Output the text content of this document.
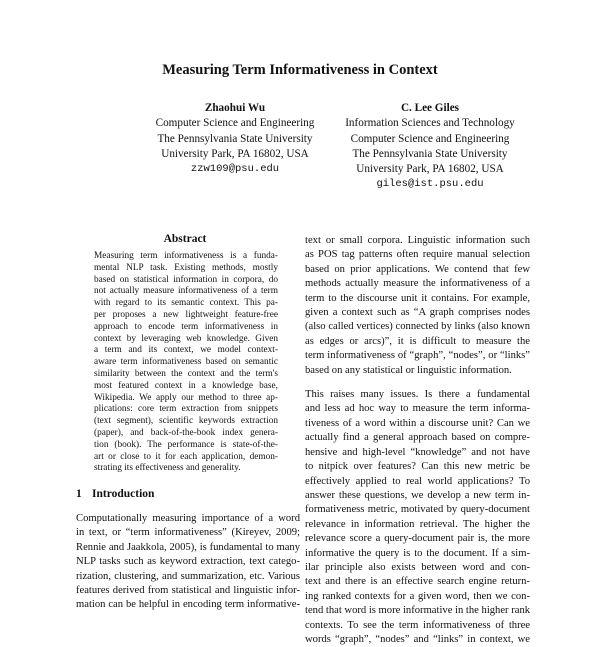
Measuring Term Informativeness in Context
Zhaohui Wu
Computer Science and Engineering
The Pennsylvania State University
University Park, PA 16802, USA
zzw109@psu.edu
C. Lee Giles
Information Sciences and Technology
Computer Science and Engineering
The Pennsylvania State University
University Park, PA 16802, USA
giles@ist.psu.edu
Abstract
Measuring term informativeness is a funda-
mental NLP task. Existing methods, mostly
based on statistical information in corpora, do
not actually measure informativeness of a term
with regard to its semantic context. This pa-
per proposes a new lightweight feature-free
approach to encode term informativeness in
context by leveraging web knowledge. Given
a term and its context, we model context-
aware term informativeness based on semantic
similarity between the context and the term's
most featured context in a knowledge base,
Wikipedia. We apply our method to three ap-
plications: core term extraction from snippets
(text segment), scientific keywords extraction
(paper), and back-of-the-book index genera-
tion (book). The performance is state-of-the-
art or close to it for each application, demon-
strating its effectiveness and generality.
1 Introduction
Computationally measuring importance of a word
in text, or “term informativeness” (Kireyev, 2009;
Rennie and Jaakkola, 2005), is fundamental to many
NLP tasks such as keyword extraction, text catego-
rization, clustering, and summarization, etc. Various
features derived from statistical and linguistic infor-
mation can be helpful in encoding term informative-
text or small corpora. Linguistic information such
as POS tag patterns often require manual selection
based on prior applications. We contend that few
methods actually measure the informativeness of a
term to the discourse unit it contains. For example,
given a context such as “A graph comprises nodes
(also called vertices) connected by links (also known
as edges or arcs)”, it is difficult to measure the
term informativeness of “graph”, “nodes”, or “links”
based on any statistical or linguistic information.
This raises many issues. Is there a fundamental
and less ad hoc way to measure the term informa-
tiveness of a word within a discourse unit? Can we
actually find a general approach based on compre-
hensive and high-level “knowledge” and not have
to nitpick over features? Can this new metric be
effectively applied to real world applications? To
answer these questions, we develop a new term in-
formativeness metric, motivated by query-document
relevance in information retrieval. The higher the
relevance score a query-document pair is, the more
informative the query is to the document. If a sim-
ilar principle also exists between word and con-
text and there is an effective search engine return-
ing ranked contexts for a given word, then we con-
tend that word is more informative in the higher rank
contexts. To see the term informativeness of three
words “graph”, “nodes” and “links” in context, we
